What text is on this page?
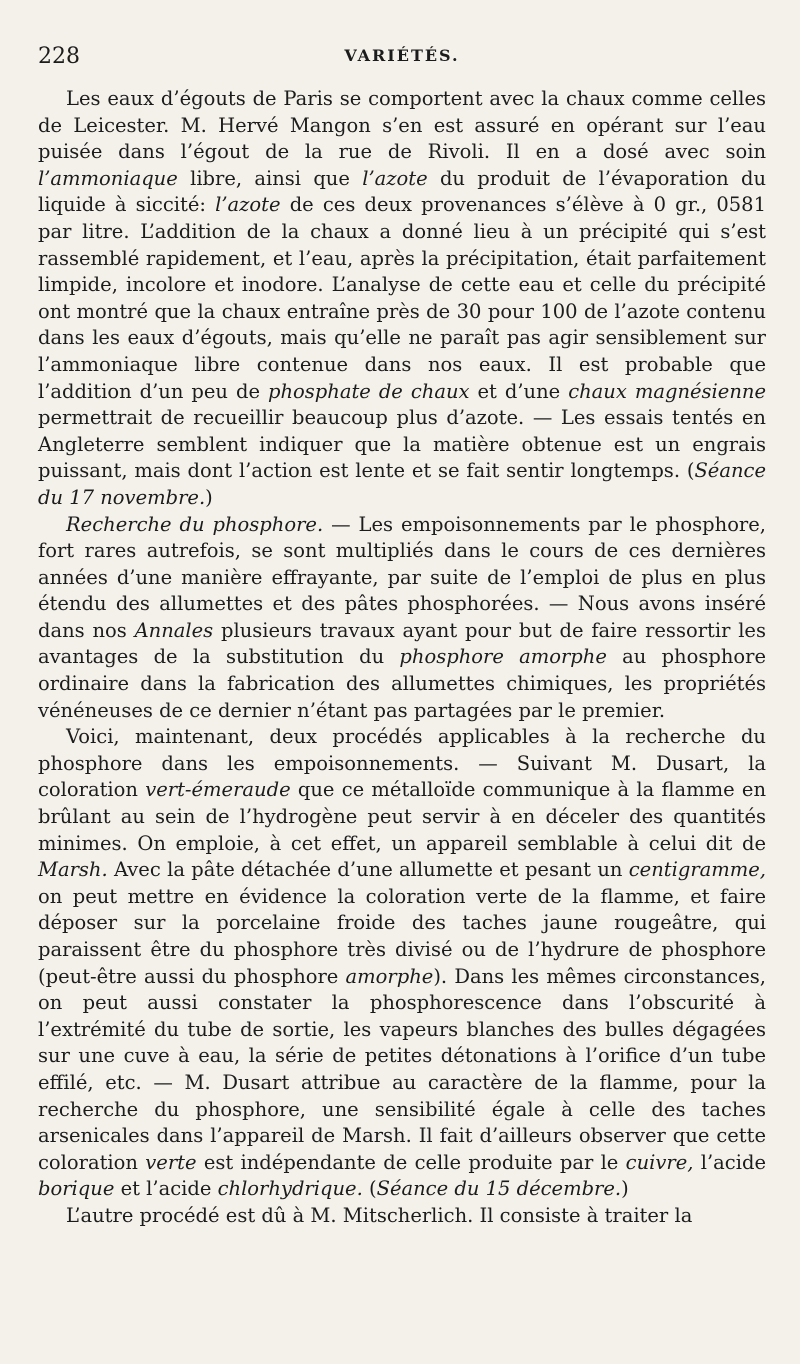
228	VARIÉTÉS.

Les eaux d’égouts de Paris se comportent avec la chaux comme celles de Leicester. M. Hervé Mangon s’en est assuré en opérant sur l’eau puisée dans l’égout de la rue de Rivoli. Il en a dosé avec soin l’ammoniaque libre, ainsi que l’azote du produit de l’évaporation du liquide à siccité: l’azote de ces deux provenances s’élève à 0 gr., 0581 par litre. L’addition de la chaux a donné lieu à un précipité qui s’est rassemblé rapidement, et l’eau, après la précipitation, était parfaitement limpide, incolore et inodore. L’analyse de cette eau et celle du précipité ont montré que la chaux entraîne près de 30 pour 100 de l’azote contenu dans les eaux d’égouts, mais qu’elle ne paraît pas agir sensiblement sur l’ammoniaque libre contenue dans nos eaux. Il est probable que l’addition d’un peu de phosphate de chaux et d’une chaux magnésienne permettrait de recueillir beaucoup plus d’azote. — Les essais tentés en Angleterre semblent indiquer que la matière obtenue est un engrais puissant, mais dont l’action est lente et se fait sentir longtemps. (Séance du 17 novembre.)

Recherche du phosphore. — Les empoisonnements par le phosphore, fort rares autrefois, se sont multipliés dans le cours de ces dernières années d’une manière effrayante, par suite de l’emploi de plus en plus étendu des allumettes et des pâtes phosphorées. — Nous avons inséré dans nos Annales plusieurs travaux ayant pour but de faire ressortir les avantages de la substitution du phosphore amorphe au phosphore ordinaire dans la fabrication des allumettes chimiques, les propriétés vénéneuses de ce dernier n’étant pas partagées par le premier.

Voici, maintenant, deux procédés applicables à la recherche du phosphore dans les empoisonnements. — Suivant M. Dusart, la coloration vert-émeraude que ce métalloïde communique à la flamme en brûlant au sein de l’hydrogène peut servir à en déceler des quantités minimes. On emploie, à cet effet, un appareil semblable à celui dit de Marsh. Avec la pâte détachée d’une allumette et pesant un centigramme, on peut mettre en évidence la coloration verte de la flamme, et faire déposer sur la porcelaine froide des taches jaune rougeâtre, qui paraissent être du phosphore très divisé ou de l’hydrure de phosphore (peut-être aussi du phosphore amorphe). Dans les mêmes circonstances, on peut aussi constater la phosphorescence dans l’obscurité à l’extrémité du tube de sortie, les vapeurs blanches des bulles dégagées sur une cuve à eau, la série de petites détonations à l’orifice d’un tube effilé, etc. — M. Dusart attribue au caractère de la flamme, pour la recherche du phosphore, une sensibilité égale à celle des taches arsenicales dans l’appareil de Marsh. Il fait d’ailleurs observer que cette coloration verte est indépendante de celle produite par le cuivre, l’acide borique et l’acide chlorhydrique. (Séance du 15 décembre.)

L’autre procédé est dû à M. Mitscherlich. Il consiste à traiter la
